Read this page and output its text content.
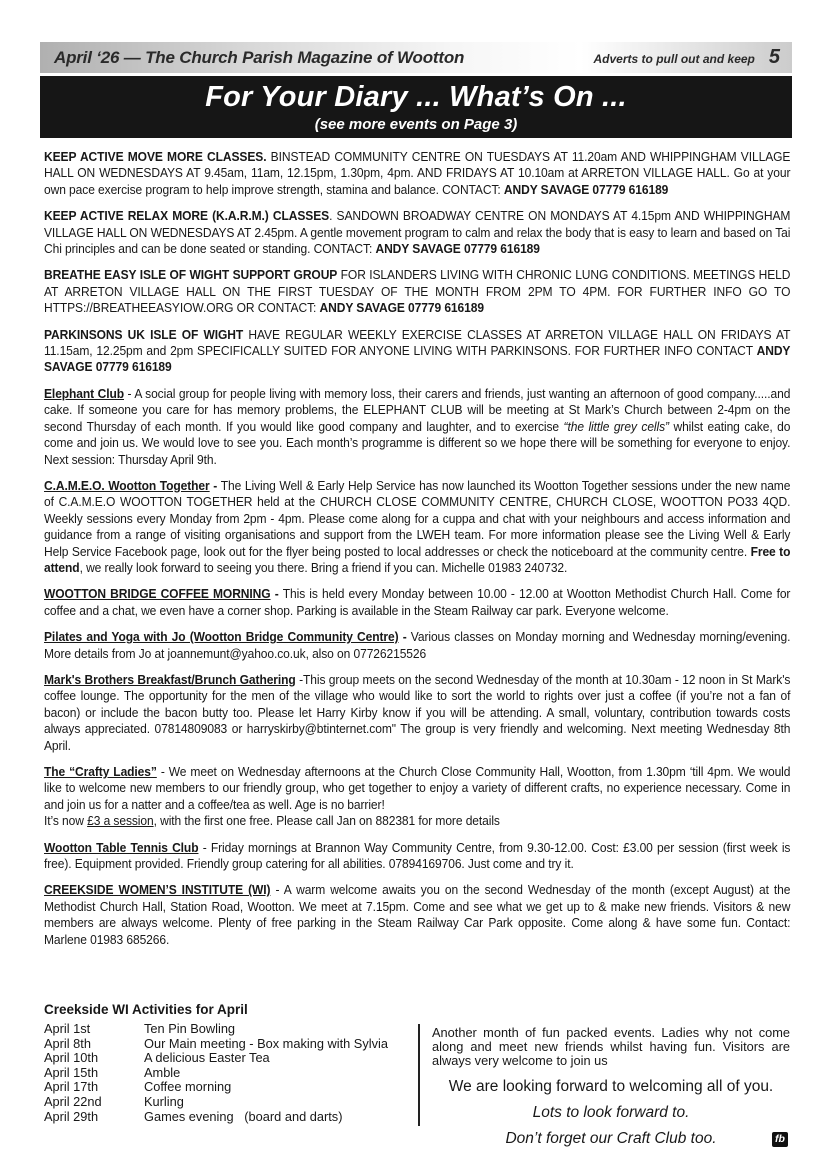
April ‘26 — The Church Parish Magazine of Wootton	Adverts to pull out and keep 5
For Your Diary ... What’s On ...
(see more events on Page 3)

KEEP ACTIVE MOVE MORE CLASSES. BINSTEAD COMMUNITY CENTRE ON TUESDAYS AT 11.20am AND WHIPPINGHAM VILLAGE HALL ON WEDNESDAYS AT 9.45am, 11am, 12.15pm, 1.30pm, 4pm. AND FRIDAYS AT 10.10am at ARRETON VILLAGE HALL. Go at your own pace exercise program to help improve strength, stamina and balance. CONTACT: ANDY SAVAGE 07779 616189

KEEP ACTIVE RELAX MORE (K.A.R.M.) CLASSES. SANDOWN BROADWAY CENTRE ON MONDAYS AT 4.15pm AND WHIPPINGHAM VILLAGE HALL ON WEDNESDAYS AT 2.45pm. A gentle movement program to calm and relax the body that is easy to learn and based on Tai Chi principles and can be done seated or standing. CONTACT: ANDY SAVAGE 07779 616189

BREATHE EASY ISLE OF WIGHT SUPPORT GROUP FOR ISLANDERS LIVING WITH CHRONIC LUNG CONDITIONS. MEETINGS HELD AT ARRETON VILLAGE HALL ON THE FIRST TUESDAY OF THE MONTH FROM 2PM TO 4PM. FOR FURTHER INFO GO TO HTTPS://BREATHEEASYIOW.ORG OR CONTACT: ANDY SAVAGE 07779 616189

PARKINSONS UK ISLE OF WIGHT HAVE REGULAR WEEKLY EXERCISE CLASSES AT ARRETON VILLAGE HALL ON FRIDAYS AT 11.15am, 12.25pm and 2pm SPECIFICALLY SUITED FOR ANYONE LIVING WITH PARKINSONS. FOR FURTHER INFO CONTACT ANDY SAVAGE 07779 616189

Elephant Club - A social group for people living with memory loss, their carers and friends, just wanting an afternoon of good company.....and cake. If someone you care for has memory problems, the ELEPHANT CLUB will be meeting at St Mark’s Church between 2-4pm on the second Thursday of each month. If you would like good company and laughter, and to exercise “the little grey cells” whilst eating cake, do come and join us. We would love to see you. Each month’s programme is different so we hope there will be something for everyone to enjoy. Next session: Thursday April 9th.

C.A.M.E.O. Wootton Together - The Living Well & Early Help Service has now launched its Wootton Together sessions under the new name of C.A.M.E.O WOOTTON TOGETHER held at the CHURCH CLOSE COMMUNITY CENTRE, CHURCH CLOSE, WOOTTON PO33 4QD. Weekly sessions every Monday from 2pm - 4pm. Please come along for a cuppa and chat with your neighbours and access information and guidance from a range of visiting organisations and support from the LWEH team. For more information please see the Living Well & Early Help Service Facebook page, look out for the flyer being posted to local addresses or check the noticeboard at the community centre. Free to attend, we really look forward to seeing you there. Bring a friend if you can. Michelle 01983 240732.

WOOTTON BRIDGE COFFEE MORNING - This is held every Monday between 10.00 - 12.00 at Wootton Methodist Church Hall. Come for coffee and a chat, we even have a corner shop. Parking is available in the Steam Railway car park. Everyone welcome.

Pilates and Yoga with Jo (Wootton Bridge Community Centre) - Various classes on Monday morning and Wednesday morning/evening. More details from Jo at joannemunt@yahoo.co.uk, also on 07726215526

Mark's Brothers Breakfast/Brunch Gathering -This group meets on the second Wednesday of the month at 10.30am - 12 noon in St Mark's coffee lounge. The opportunity for the men of the village who would like to sort the world to rights over just a coffee (if you’re not a fan of bacon) or include the bacon butty too. Please let Harry Kirby know if you will be attending. A small, voluntary, contribution towards costs always appreciated. 07814809083 or harryskirby@btinternet.com" The group is very friendly and welcoming. Next meeting Wednesday 8th April.

The “Crafty Ladies” - We meet on Wednesday afternoons at the Church Close Community Hall, Wootton, from 1.30pm ‘till 4pm. We would like to welcome new members to our friendly group, who get together to enjoy a variety of different crafts, no experience necessary. Come in and join us for a natter and a coffee/tea as well. Age is no barrier!
It’s now £3 a session, with the first one free. Please call Jan on 882381 for more details

Wootton Table Tennis Club - Friday mornings at Brannon Way Community Centre, from 9.30-12.00. Cost: £3.00 per session (first week is free). Equipment provided. Friendly group catering for all abilities. 07894169706. Just come and try it.

CREEKSIDE WOMEN’S INSTITUTE (WI) - A warm welcome awaits you on the second Wednesday of the month (except August) at the Methodist Church Hall, Station Road, Wootton. We meet at 7.15pm. Come and see what we get up to & make new friends. Visitors & new members are always welcome. Plenty of free parking in the Steam Railway Car Park opposite. Come along & have some fun. Contact: Marlene 01983 685266.

Creekside WI Activities for April
April 1st	Ten Pin Bowling
April 8th	Our Main meeting - Box making with Sylvia
April 10th	A delicious Easter Tea
April 15th	Amble
April 17th	Coffee morning
April 22nd	Kurling
April 29th	Games evening   (board and darts)
Another month of fun packed events. Ladies why not come along and meet new friends whilst having fun. Visitors are always very welcome to join us
We are looking forward to welcoming all of you.
Lots to look forward to.
Don’t forget our Craft Club too.	fb
